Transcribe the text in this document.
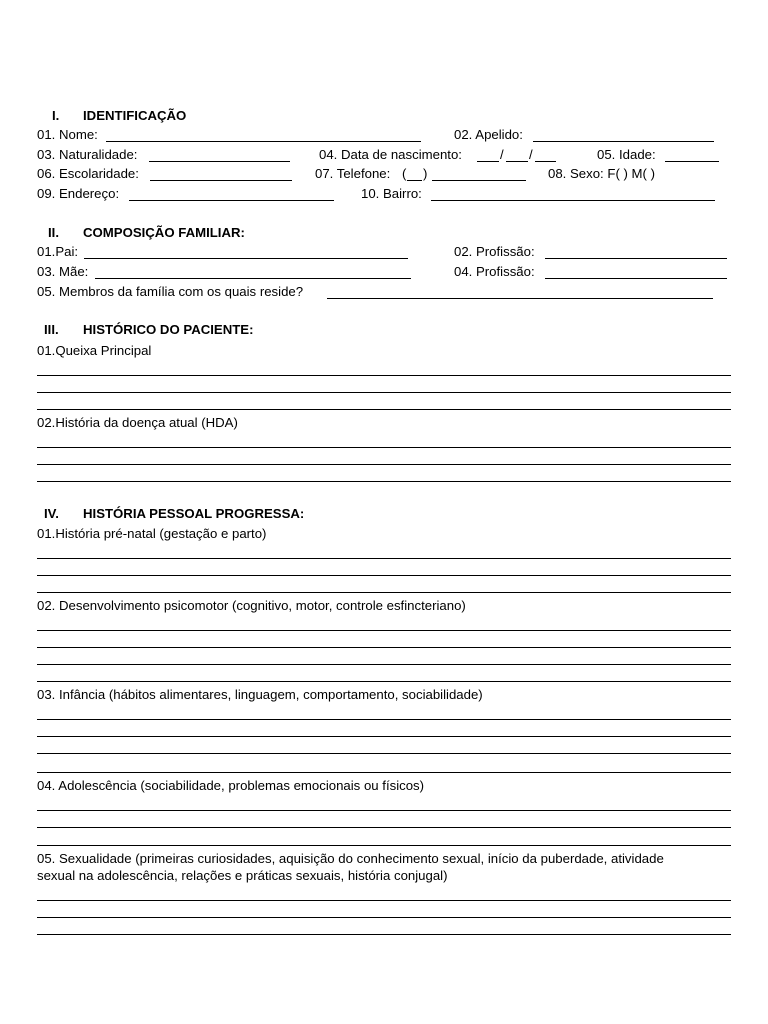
I. IDENTIFICAÇÃO
01. Nome:	02. Apelido:
03. Naturalidade:	04. Data de nascimento:	/ /	05. Idade:
06. Escolaridade:	07. Telefone: ( )	08. Sexo: F( ) M( )
09. Endereço:	10. Bairro:
II. COMPOSIÇÃO FAMILIAR:
01.Pai:	02. Profissão:
03. Mãe:	04. Profissão:
05. Membros da família com os quais reside?
III. HISTÓRICO DO PACIENTE:
01.Queixa Principal
02.História da doença atual (HDA)
IV. HISTÓRIA PESSOAL PROGRESSA:
01.História pré-natal (gestação e parto)
02. Desenvolvimento psicomotor (cognitivo, motor, controle esfincteriano)
03. Infância (hábitos alimentares, linguagem, comportamento, sociabilidade)
04. Adolescência (sociabilidade, problemas emocionais ou físicos)
05. Sexualidade (primeiras curiosidades, aquisição do conhecimento sexual, início da puberdade, atividade
sexual na adolescência, relações e práticas sexuais, história conjugal)
